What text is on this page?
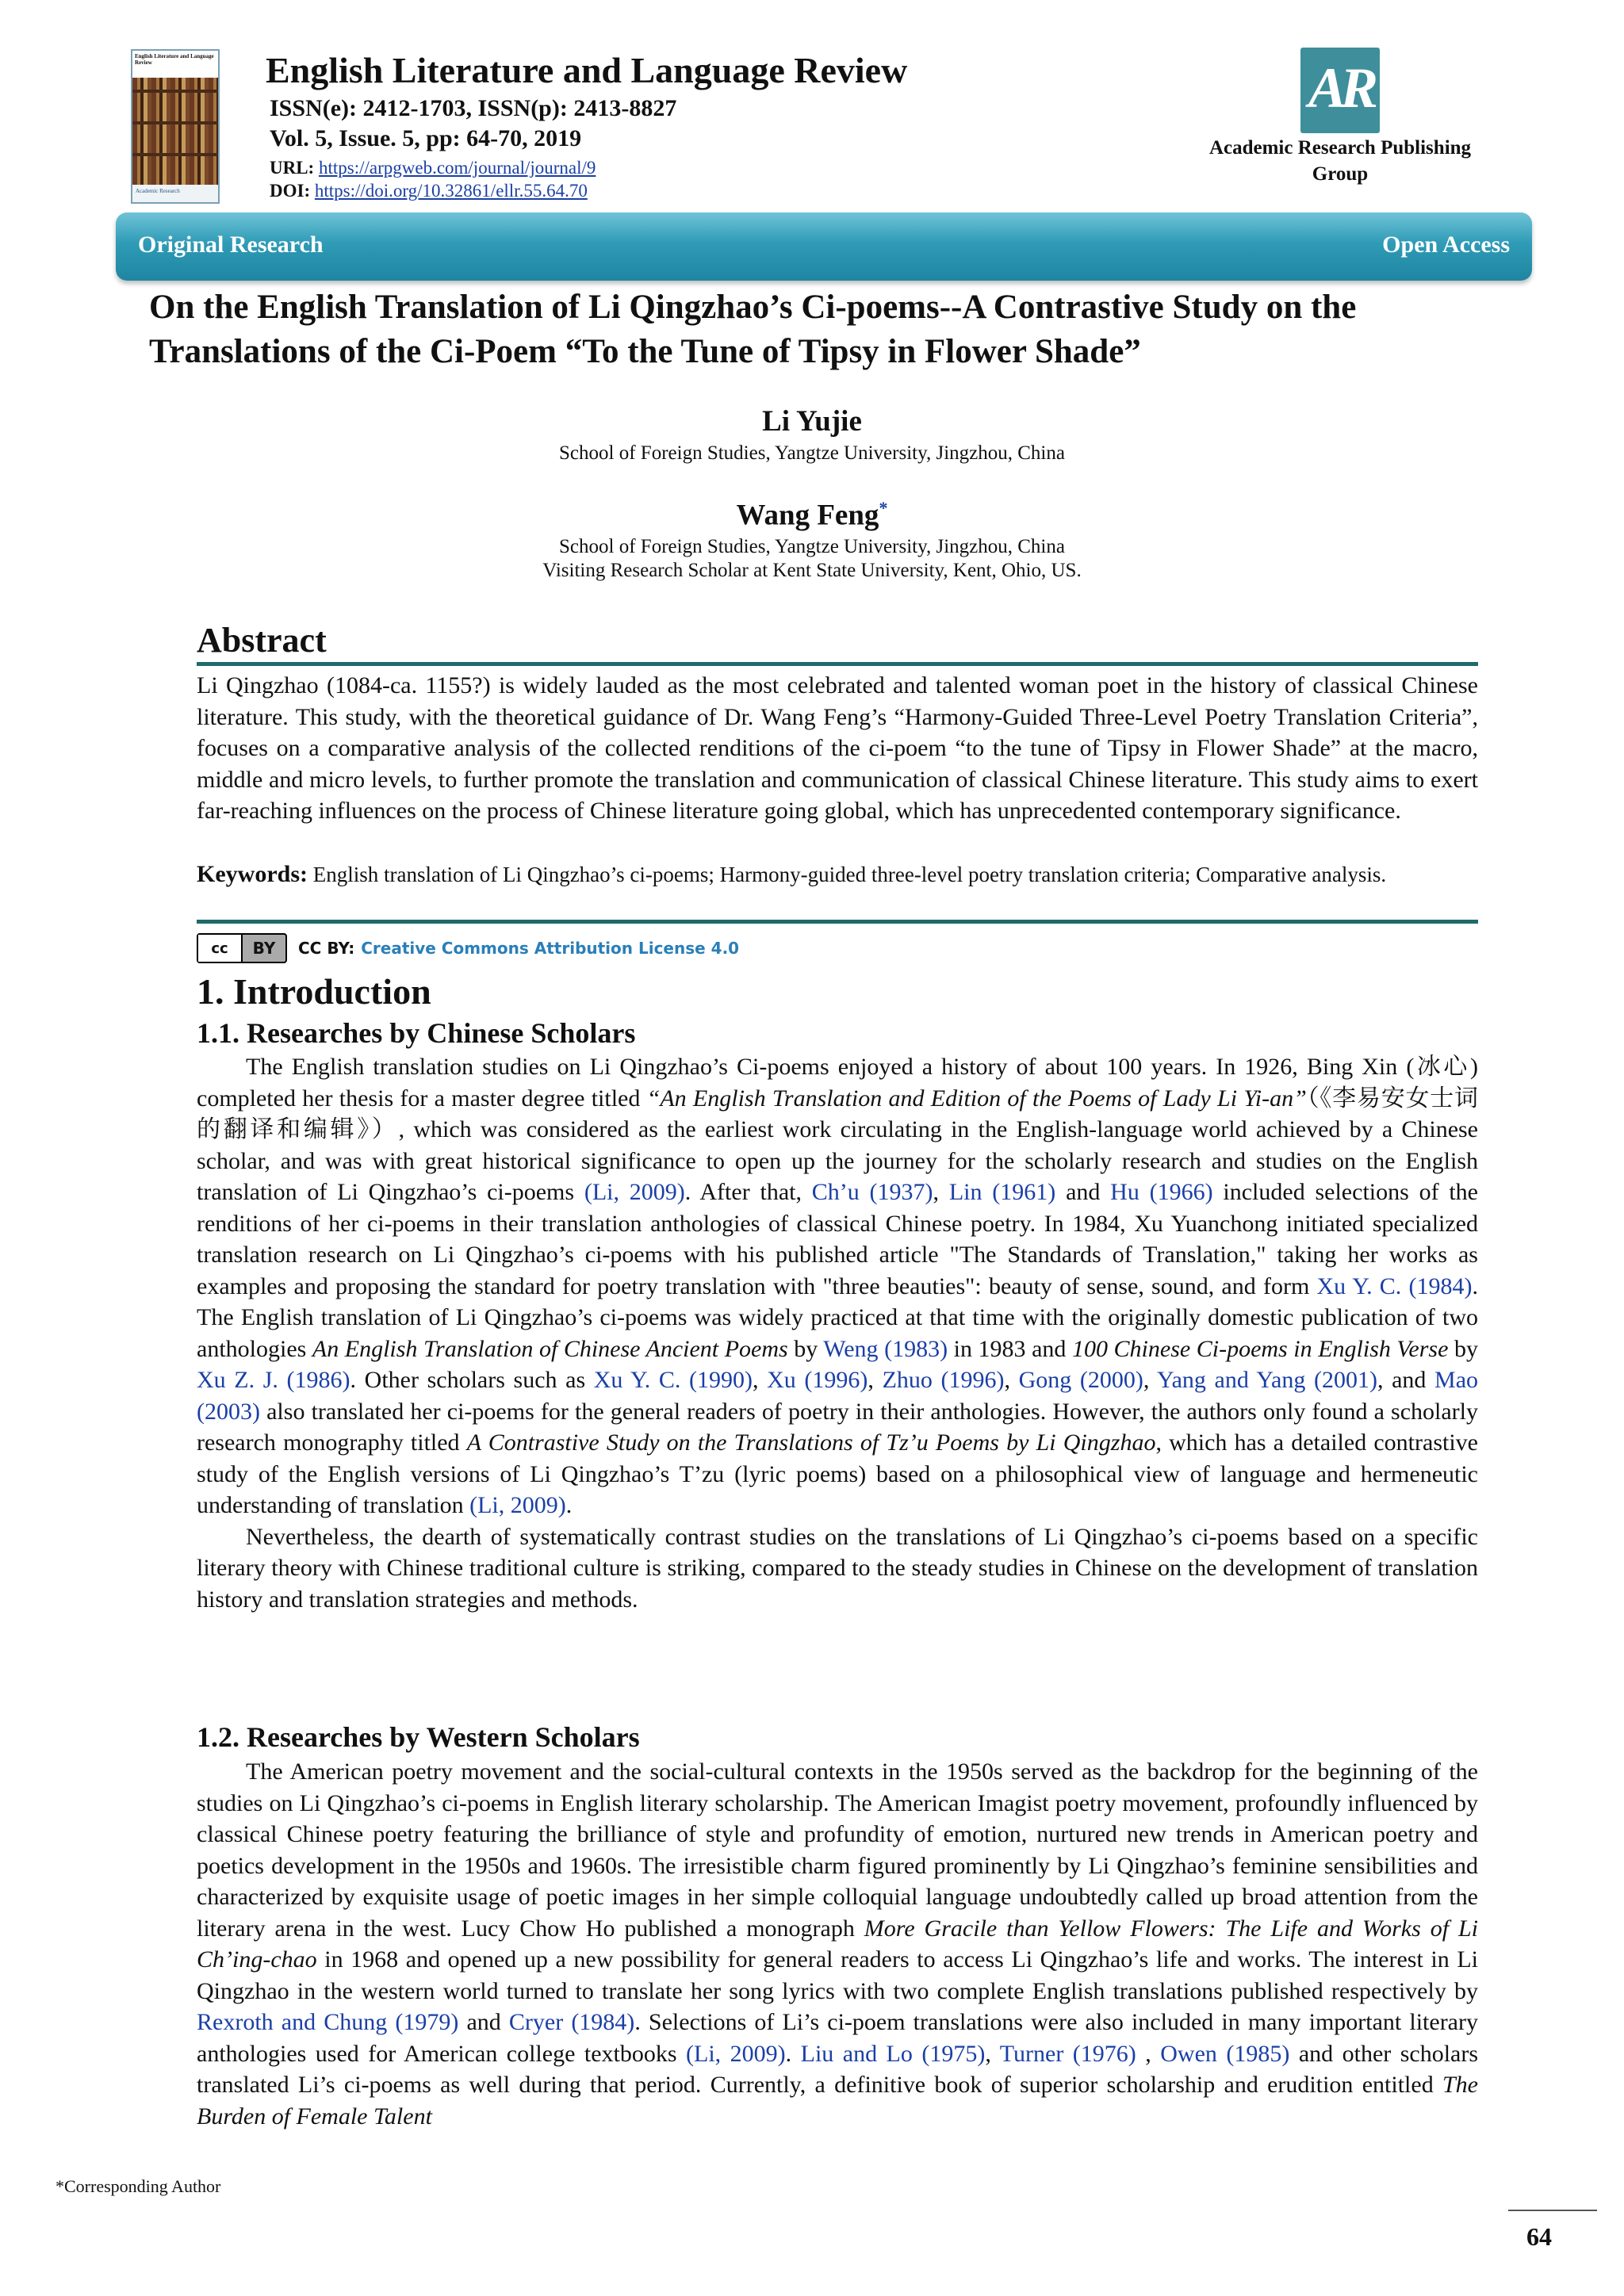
English Literature and Language Review
Academic Research
English Literature and Language Review
ISSN(e): 2412-1703, ISSN(p): 2413-8827
Vol. 5, Issue. 5, pp: 64-70, 2019
URL: https://arpgweb.com/journal/journal/9
DOI: https://doi.org/10.32861/ellr.55.64.70
AR
Academic Research Publishing
Group
Original Research	Open Access
On the English Translation of Li Qingzhao’s Ci-poems--A Contrastive Study on the Translations of the Ci-Poem “To the Tune of Tipsy in Flower Shade”
Li Yujie
School of Foreign Studies, Yangtze University, Jingzhou, China
Wang Feng*
School of Foreign Studies, Yangtze University, Jingzhou, China
Visiting Research Scholar at Kent State University, Kent, Ohio, US.
Abstract

Li Qingzhao (1084-ca. 1155?) is widely lauded as the most celebrated and talented woman poet in the history of classical Chinese literature. This study, with the theoretical guidance of Dr. Wang Feng’s “Harmony-Guided Three-Level Poetry Translation Criteria”, focuses on a comparative analysis of the collected renditions of the ci-poem “to the tune of Tipsy in Flower Shade” at the macro, middle and micro levels, to further promote the translation and communication of classical Chinese literature. This study aims to exert far-reaching influences on the process of Chinese literature going global, which has unprecedented contemporary significance.

Keywords: English translation of Li Qingzhao’s ci-poems; Harmony-guided three-level poetry translation criteria; Comparative analysis.
cc	BY	CC BY: Creative Commons Attribution License 4.0
1. Introduction
1.1. Researches by Chinese Scholars

The English translation studies on Li Qingzhao’s Ci-poems enjoyed a history of about 100 years. In 1926, Bing Xin (冰心) completed her thesis for a master degree titled “An English Translation and Edition of the Poems of Lady Li Yi-an”（《李易安女士词的翻译和编辑》）, which was considered as the earliest work circulating in the English-language world achieved by a Chinese scholar, and was with great historical significance to open up the journey for the scholarly research and studies on the English translation of Li Qingzhao’s ci-poems (Li, 2009). After that, Ch’u (1937), Lin (1961) and Hu (1966) included selections of the renditions of her ci-poems in their translation anthologies of classical Chinese poetry. In 1984, Xu Yuanchong initiated specialized translation research on Li Qingzhao’s ci-poems with his published article "The Standards of Translation," taking her works as examples and proposing the standard for poetry translation with "three beauties": beauty of sense, sound, and form Xu Y. C. (1984). The English translation of Li Qingzhao’s ci-poems was widely practiced at that time with the originally domestic publication of two anthologies An English Translation of Chinese Ancient Poems by Weng (1983) in 1983 and 100 Chinese Ci-poems in English Verse by Xu Z. J. (1986). Other scholars such as Xu Y. C. (1990), Xu (1996), Zhuo (1996), Gong (2000), Yang and Yang (2001), and Mao (2003) also translated her ci-poems for the general readers of poetry in their anthologies. However, the authors only found a scholarly research monography titled A Contrastive Study on the Translations of Tz’u Poems by Li Qingzhao, which has a detailed contrastive study of the English versions of Li Qingzhao’s T’zu (lyric poems) based on a philosophical view of language and hermeneutic understanding of translation (Li, 2009).

Nevertheless, the dearth of systematically contrast studies on the translations of Li Qingzhao’s ci-poems based on a specific literary theory with Chinese traditional culture is striking, compared to the steady studies in Chinese on the development of translation history and translation strategies and methods.

1.2. Researches by Western Scholars

The American poetry movement and the social-cultural contexts in the 1950s served as the backdrop for the beginning of the studies on Li Qingzhao’s ci-poems in English literary scholarship. The American Imagist poetry movement, profoundly influenced by classical Chinese poetry featuring the brilliance of style and profundity of emotion, nurtured new trends in American poetry and poetics development in the 1950s and 1960s. The irresistible charm figured prominently by Li Qingzhao’s feminine sensibilities and characterized by exquisite usage of poetic images in her simple colloquial language undoubtedly called up broad attention from the literary arena in the west. Lucy Chow Ho published a monograph More Gracile than Yellow Flowers: The Life and Works of Li Ch’ing-chao in 1968 and opened up a new possibility for general readers to access Li Qingzhao’s life and works. The interest in Li Qingzhao in the western world turned to translate her song lyrics with two complete English translations published respectively by Rexroth and Chung (1979) and Cryer (1984). Selections of Li’s ci-poem translations were also included in many important literary anthologies used for American college textbooks (Li, 2009). Liu and Lo (1975), Turner (1976) , Owen (1985) and other scholars translated Li’s ci-poems as well during that period. Currently, a definitive book of superior scholarship and erudition entitled The Burden of Female Talent

*Corresponding Author
64
